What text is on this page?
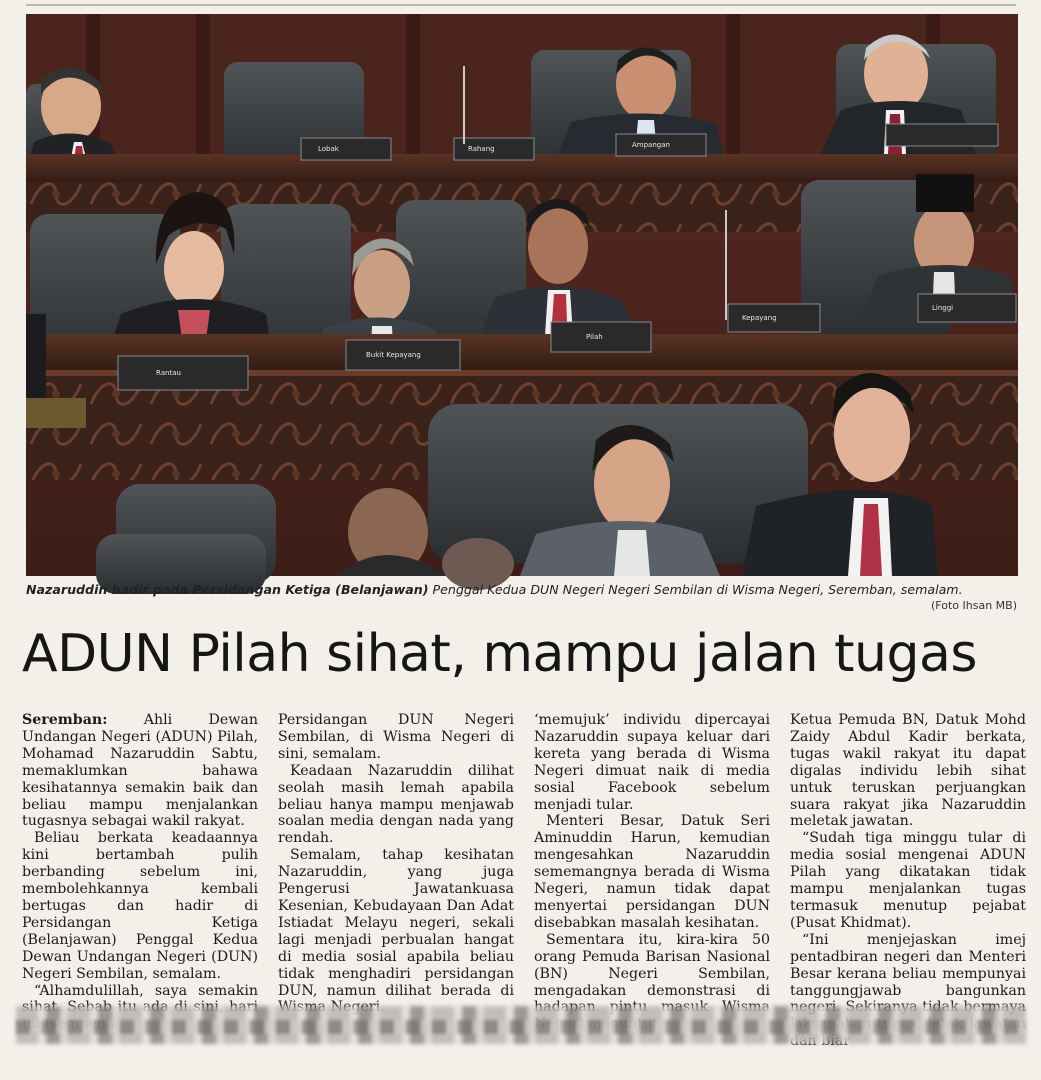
Nazaruddin hadir pada Persidangan Ketiga (Belanjawan) Penggal Kedua DUN Negeri Negeri Sembilan di Wisma Negeri, Seremban, semalam.
(Foto Ihsan MB)
ADUN Pilah sihat, mampu jalan tugas

Seremban: Ahli Dewan Undangan Negeri (ADUN) Pilah, Mohamad Nazaruddin Sabtu, memaklumkan bahawa kesihatannya semakin baik dan beliau mampu menjalankan tugasnya sebagai wakil rakyat.

Beliau berkata keadaannya kini bertambah pulih berbanding sebelum ini, membolehkannya kembali bertugas dan hadir di Persidangan Ketiga (Belanjawan) Penggal Kedua Dewan Undangan Negeri (DUN) Negeri Sembilan, semalam.

“Alhamdulillah, saya semakin

Persidangan DUN Negeri Sembilan, di Wisma Negeri di sini, semalam.

Keadaan Nazaruddin dilihat seolah masih lemah apabila beliau hanya mampu menjawab soalan media dengan nada yang rendah.

Semalam, tahap kesihatan Nazaruddin, yang juga Pengerusi Jawatankuasa Kesenian, Kebudayaan Dan Adat Istiadat Melayu negeri, sekali lagi menjadi perbualan hangat di media sosial apabila beliau tidak menghadiri persidangan DUN, namun dilihat berada di

‘memujuk’ individu dipercayai Nazaruddin supaya keluar dari kereta yang berada di Wisma Negeri dimuat naik di media sosial Facebook sebelum menjadi tular.

Menteri Besar, Datuk Seri Aminuddin Harun, kemudian mengesahkan Nazaruddin sememangnya berada di Wisma Negeri, namun tidak dapat menyertai persidangan DUN disebabkan masalah kesihatan.

Sementara itu, kira-kira 50 orang Pemuda Barisan Nasional (BN) Negeri Sembilan, mengadakan demonstrasi di

Ketua Pemuda BN, Datuk Mohd Zaidy Abdul Kadir berkata, tugas wakil rakyat itu dapat digalas individu lebih sihat untuk teruskan perjuangkan suara rakyat jika Nazaruddin meletak jawatan.

“Sudah tiga minggu tular di media sosial mengenai ADUN Pilah yang dikatakan tidak mampu menjalankan tugas termasuk menutup pejabat (Pusat Khidmat).

“Ini menjejaskan imej pentadbiran negeri dan Menteri Besar kerana beliau mempunyai tanggungjawab bangunkan

Lobak	Rahang	Ampangan
Pilah
Bukit Kepayang
Kepayang
Rantau
Linggi
